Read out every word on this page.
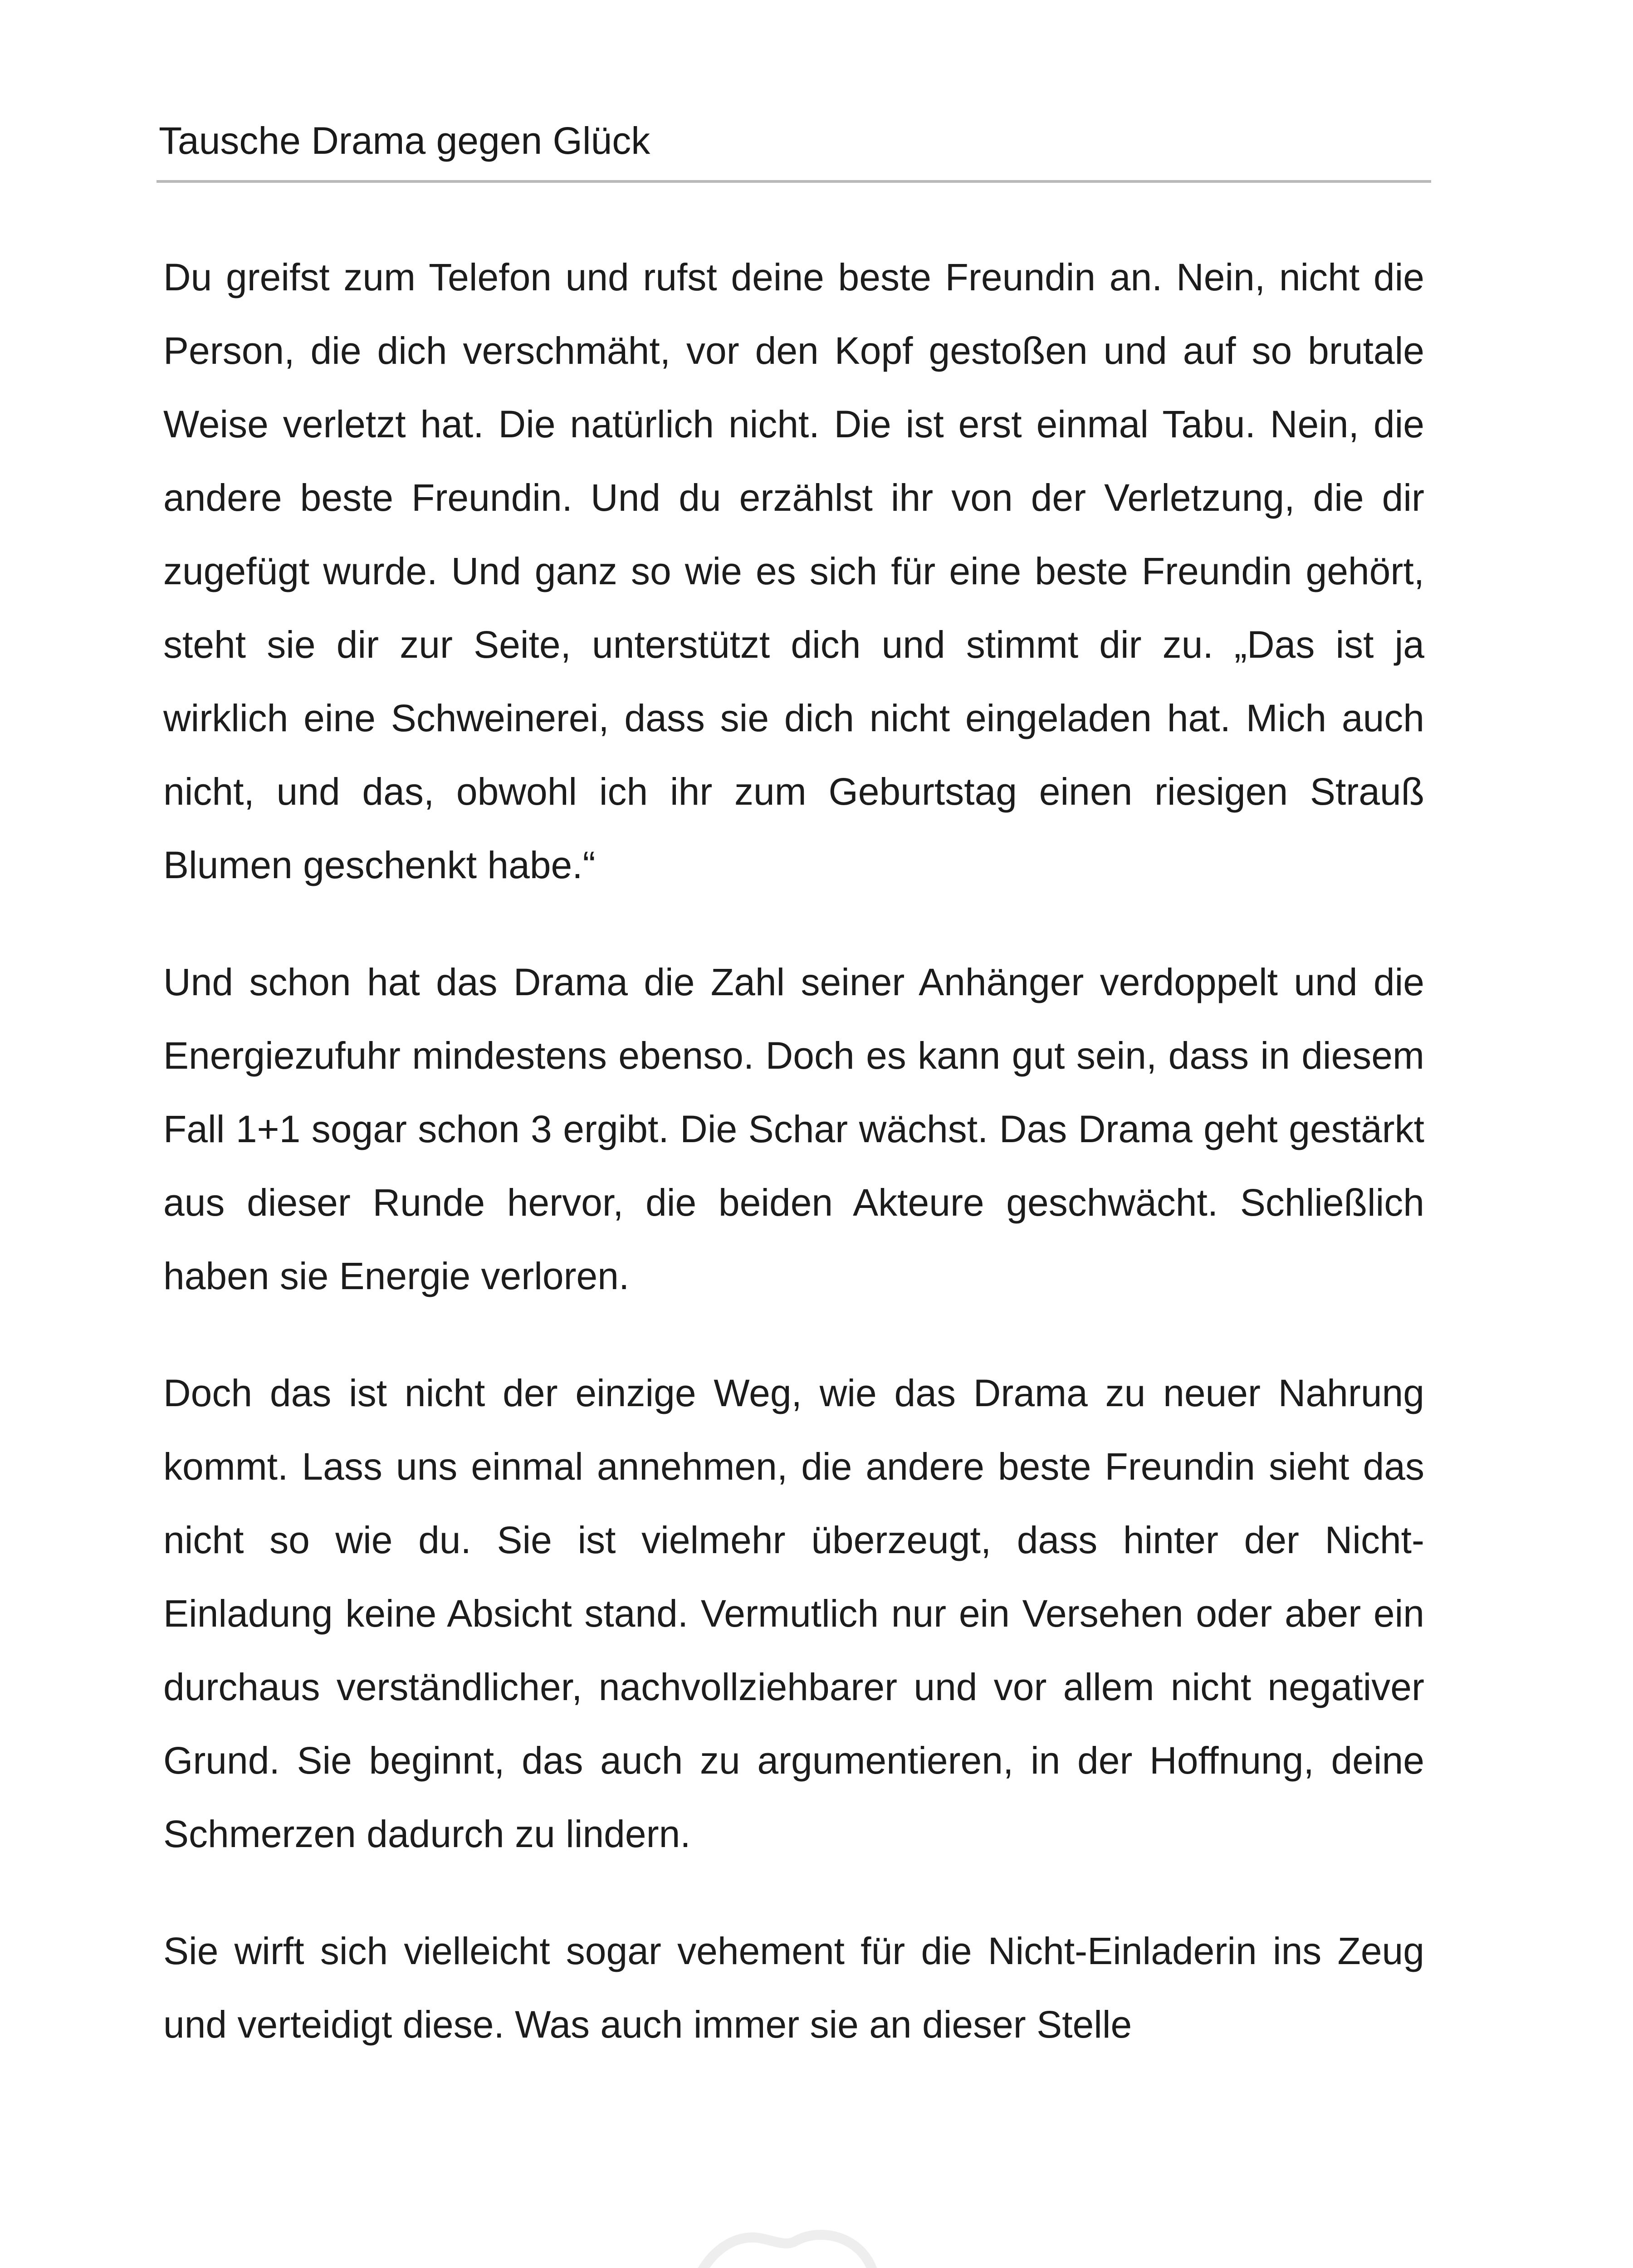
Tausche Drama gegen Glück

Du greifst zum Telefon und rufst deine beste Freundin an. Nein, nicht die Person, die dich verschmäht, vor den Kopf gestoßen und auf so brutale Weise verletzt hat. Die natürlich nicht. Die ist erst einmal Tabu. Nein, die andere beste Freundin. Und du erzählst ihr von der Verletzung, die dir zugefügt wurde. Und ganz so wie es sich für eine beste Freundin gehört, steht sie dir zur Seite, unterstützt dich und stimmt dir zu. „Das ist ja wirklich eine Schweinerei, dass sie dich nicht eingeladen hat. Mich auch nicht, und das, obwohl ich ihr zum Geburtstag einen riesigen Strauß Blumen geschenkt habe.“

Und schon hat das Drama die Zahl seiner Anhänger verdoppelt und die Energiezufuhr mindestens ebenso. Doch es kann gut sein, dass in diesem Fall 1+1 sogar schon 3 ergibt. Die Schar wächst. Das Drama geht gestärkt aus dieser Runde hervor, die beiden Akteure geschwächt. Schließlich haben sie Energie verloren.

Doch das ist nicht der einzige Weg, wie das Drama zu neuer Nahrung kommt. Lass uns einmal annehmen, die andere beste Freundin sieht das nicht so wie du. Sie ist vielmehr überzeugt, dass hinter der Nicht-Einladung keine Absicht stand. Vermutlich nur ein Versehen oder aber ein durchaus verständlicher, nachvollziehbarer und vor allem nicht negativer Grund. Sie beginnt, das auch zu argumentieren, in der Hoffnung, deine Schmerzen dadurch zu lindern.

Sie wirft sich vielleicht sogar vehement für die Nicht-Einladerin ins Zeug und verteidigt diese. Was auch immer sie an dieser Stelle
